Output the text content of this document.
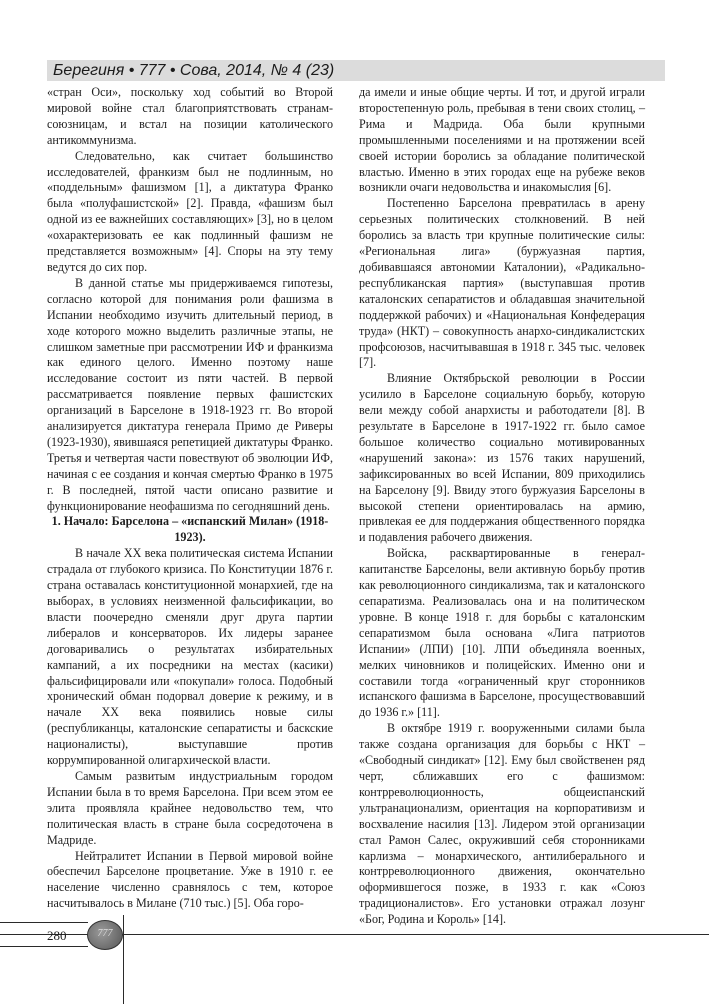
Берегиня • 777 • Сова, 2014, № 4 (23)

«стран Оси», поскольку ход событий во Второй мировой войне стал благоприятствовать странам-союзницам, и встал на позиции католического антикоммунизма.

Следовательно, как считает большинство исследователей, франкизм был не подлинным, но «поддельным» фашизмом [1], а диктатура Франко была «полуфашистской» [2]. Правда, «фашизм был одной из ее важнейших составляющих» [3], но в целом «охарактеризовать ее как подлинный фашизм не представляется возможным» [4]. Споры на эту тему ведутся до сих пор.

В данной статье мы придерживаемся гипотезы, согласно которой для понимания роли фашизма в Испании необходимо изучить длительный период, в ходе которого можно выделить различные этапы, не слишком заметные при рассмотрении ИФ и франкизма как единого целого. Именно поэтому наше исследование состоит из пяти частей. В первой рассматривается появление первых фашистских организаций в Барселоне в 1918-1923 гг. Во второй анализируется диктатура генерала Примо де Риверы (1923-1930), явившаяся репетицией диктатуры Франко. Третья и четвертая части повествуют об эволюции ИФ, начиная с ее создания и кончая смертью Франко в 1975 г. В последней, пятой части описано развитие и функционирование неофашизма по сегодняшний день.

1. Начало: Барселона – «испанский Милан» (1918-1923).

В начале XX века политическая система Испании страдала от глубокого кризиса. По Конституции 1876 г. страна оставалась конституционной монархией, где на выборах, в условиях неизменной фальсификации, во власти поочередно сменяли друг друга партии либералов и консерваторов. Их лидеры заранее договаривались о результатах избирательных кампаний, а их посредники на местах (касики) фальсифицировали или «покупали» голоса. Подобный хронический обман подорвал доверие к режиму, и в начале XX века появились новые силы (республиканцы, каталонские сепаратисты и баскские националисты), выступавшие против коррумпированной олигархической власти.

Самым развитым индустриальным городом Испании была в то время Барселона. При всем этом ее элита проявляла крайнее недовольство тем, что политическая власть в стране была сосредоточена в Мадриде.

Нейтралитет Испании в Первой мировой войне обеспечил Барселоне процветание. Уже в 1910 г. ее население численно сравнялось с тем, которое насчитывалось в Милане (710 тыс.) [5]. Оба горо-

да имели и иные общие черты. И тот, и другой играли второстепенную роль, пребывая в тени своих столиц, – Рима и Мадрида. Оба были крупными промышленными поселениями и на протяжении всей своей истории боролись за обладание политической властью. Именно в этих городах еще на рубеже веков возникли очаги недовольства и инакомыслия [6].

Постепенно Барселона превратилась в арену серьезных политических столкновений. В ней боролись за власть три крупные политические силы: «Региональная лига» (буржуазная партия, добивавшаяся автономии Каталонии), «Радикально-республиканская партия» (выступавшая против каталонских сепаратистов и обладавшая значительной поддержкой рабочих) и «Национальная Конфедерация труда» (НКТ) – совокупность анархо-синдикалистских профсоюзов, насчитывавшая в 1918 г. 345 тыс. человек [7].

Влияние Октябрьской революции в России усилило в Барселоне социальную борьбу, которую вели между собой анархисты и работодатели [8]. В результате в Барселоне в 1917-1922 гг. было самое большое количество социально мотивированных «нарушений закона»: из 1576 таких нарушений, зафиксированных во всей Испании, 809 приходились на Барселону [9]. Ввиду этого буржуазия Барселоны в высокой степени ориентировалась на армию, привлекая ее для поддержания общественного порядка и подавления рабочего движения.

Войска, расквартированные в генерал-капитанстве Барселоны, вели активную борьбу против как революционного синдикализма, так и каталонского сепаратизма. Реализовалась она и на политическом уровне. В конце 1918 г. для борьбы с каталонским сепаратизмом была основана «Лига патриотов Испании» (ЛПИ) [10]. ЛПИ объединяла военных, мелких чиновников и полицейских. Именно они и составили тогда «ограниченный круг сторонников испанского фашизма в Барселоне, просуществовавший до 1936 г.» [11].

В октябре 1919 г. вооруженными силами была также создана организация для борьбы с НКТ – «Свободный синдикат» [12]. Ему был свойственен ряд черт, сближавших его с фашизмом: контрреволюционность, общеиспанский ультранационализм, ориентация на корпоративизм и восхваление насилия [13]. Лидером этой организации стал Рамон Салес, окруживший себя сторонниками карлизма – монархического, антилиберального и контрреволюционного движения, окончательно оформившегося позже, в 1933 г. как «Союз традиционалистов». Его установки отражал лозунг «Бог, Родина и Король» [14].

280	777
